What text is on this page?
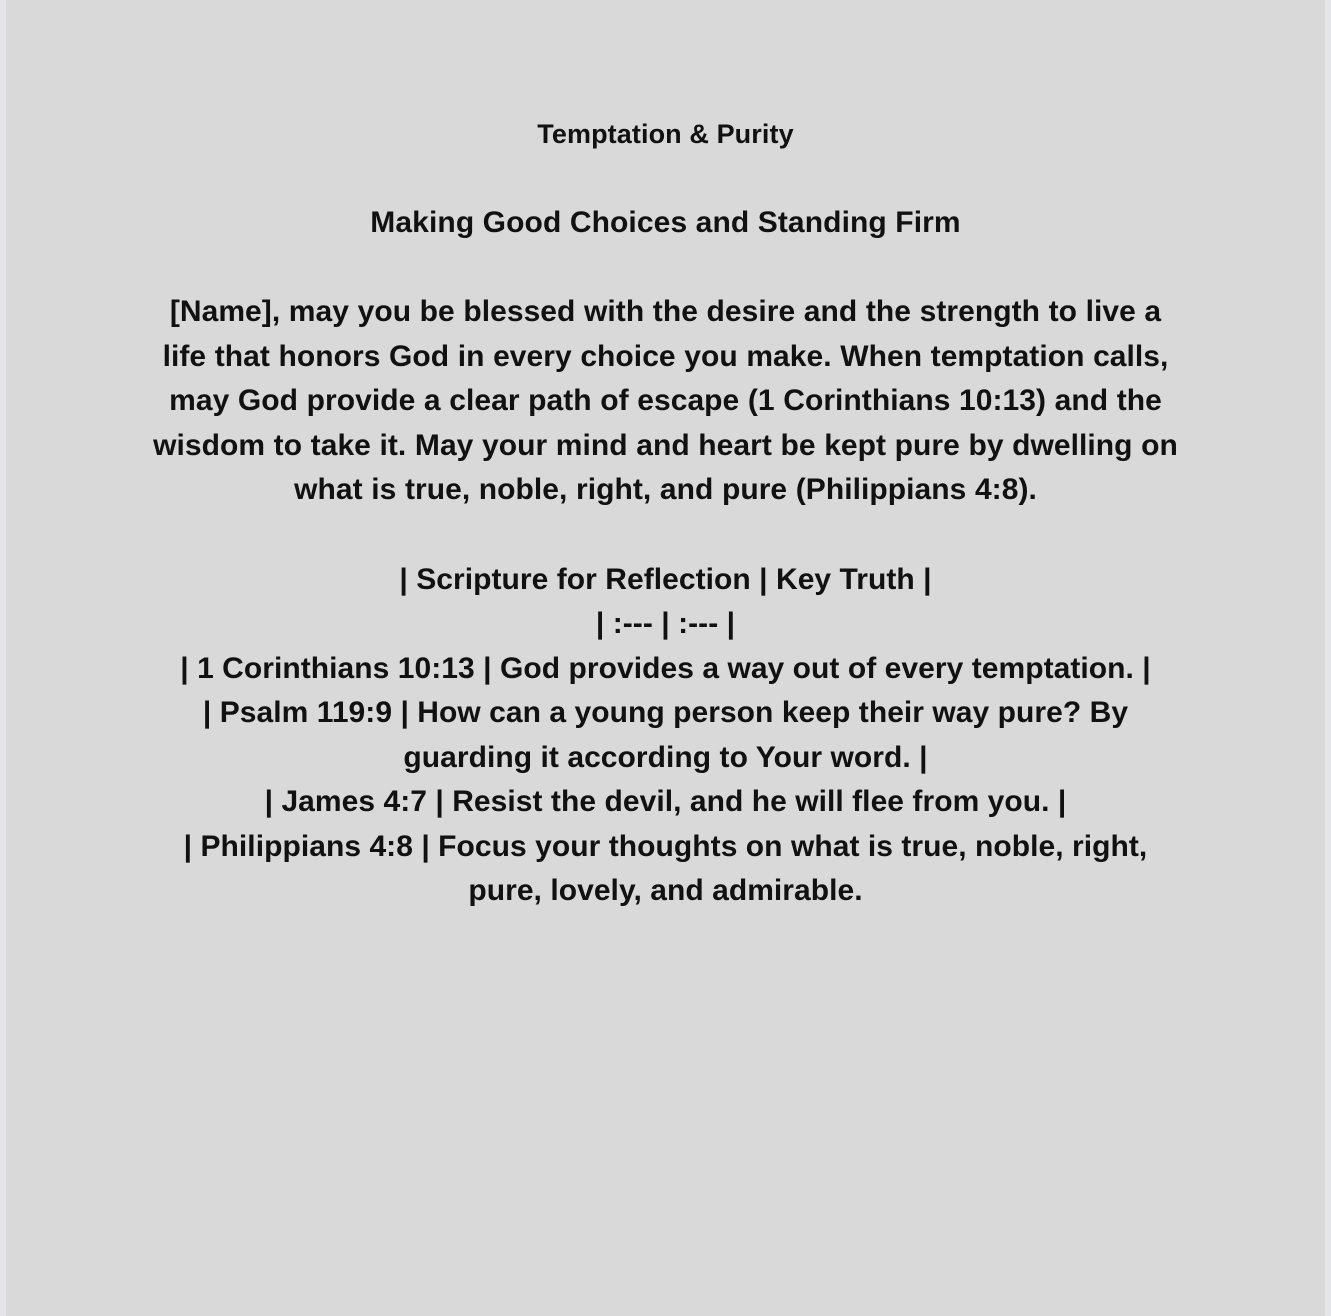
Temptation & Purity
Making Good Choices and Standing Firm

[Name], may you be blessed with the desire and the strength to live a life that honors God in every choice you make. When temptation calls, may God provide a clear path of escape (1 Corinthians 10:13) and the wisdom to take it. May your mind and heart be kept pure by dwelling on what is true, noble, right, and pure (Philippians 4:8).

| Scripture for Reflection | Key Truth |

| :--- | :--- |

| 1 Corinthians 10:13 | God provides a way out of every temptation. |

| Psalm 119:9 | How can a young person keep their way pure? By guarding it according to Your word. |

| James 4:7 | Resist the devil, and he will flee from you. |

| Philippians 4:8 | Focus your thoughts on what is true, noble, right, pure, lovely, and admirable.
